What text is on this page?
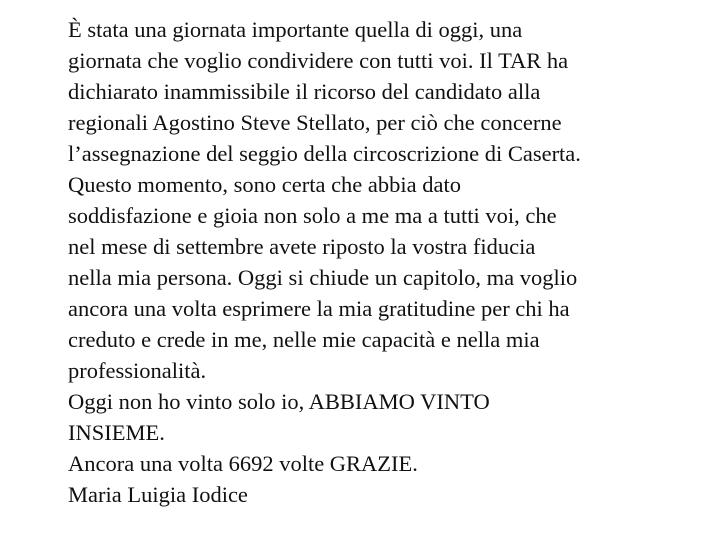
È stata una giornata importante quella di oggi, una
giornata che voglio condividere con tutti voi. Il TAR ha
dichiarato inammissibile il ricorso del candidato alla
regionali Agostino Steve Stellato, per ciò che concerne
l’assegnazione del seggio della circoscrizione di Caserta.
Questo momento, sono certa che abbia dato
soddisfazione e gioia non solo a me ma a tutti voi, che
nel mese di settembre avete riposto la vostra fiducia
nella mia persona. Oggi si chiude un capitolo, ma voglio
ancora una volta esprimere la mia gratitudine per chi ha
creduto e crede in me, nelle mie capacità e nella mia
professionalità.
Oggi non ho vinto solo io, ABBIAMO VINTO
INSIEME.
Ancora una volta 6692 volte GRAZIE.
Maria Luigia Iodice
